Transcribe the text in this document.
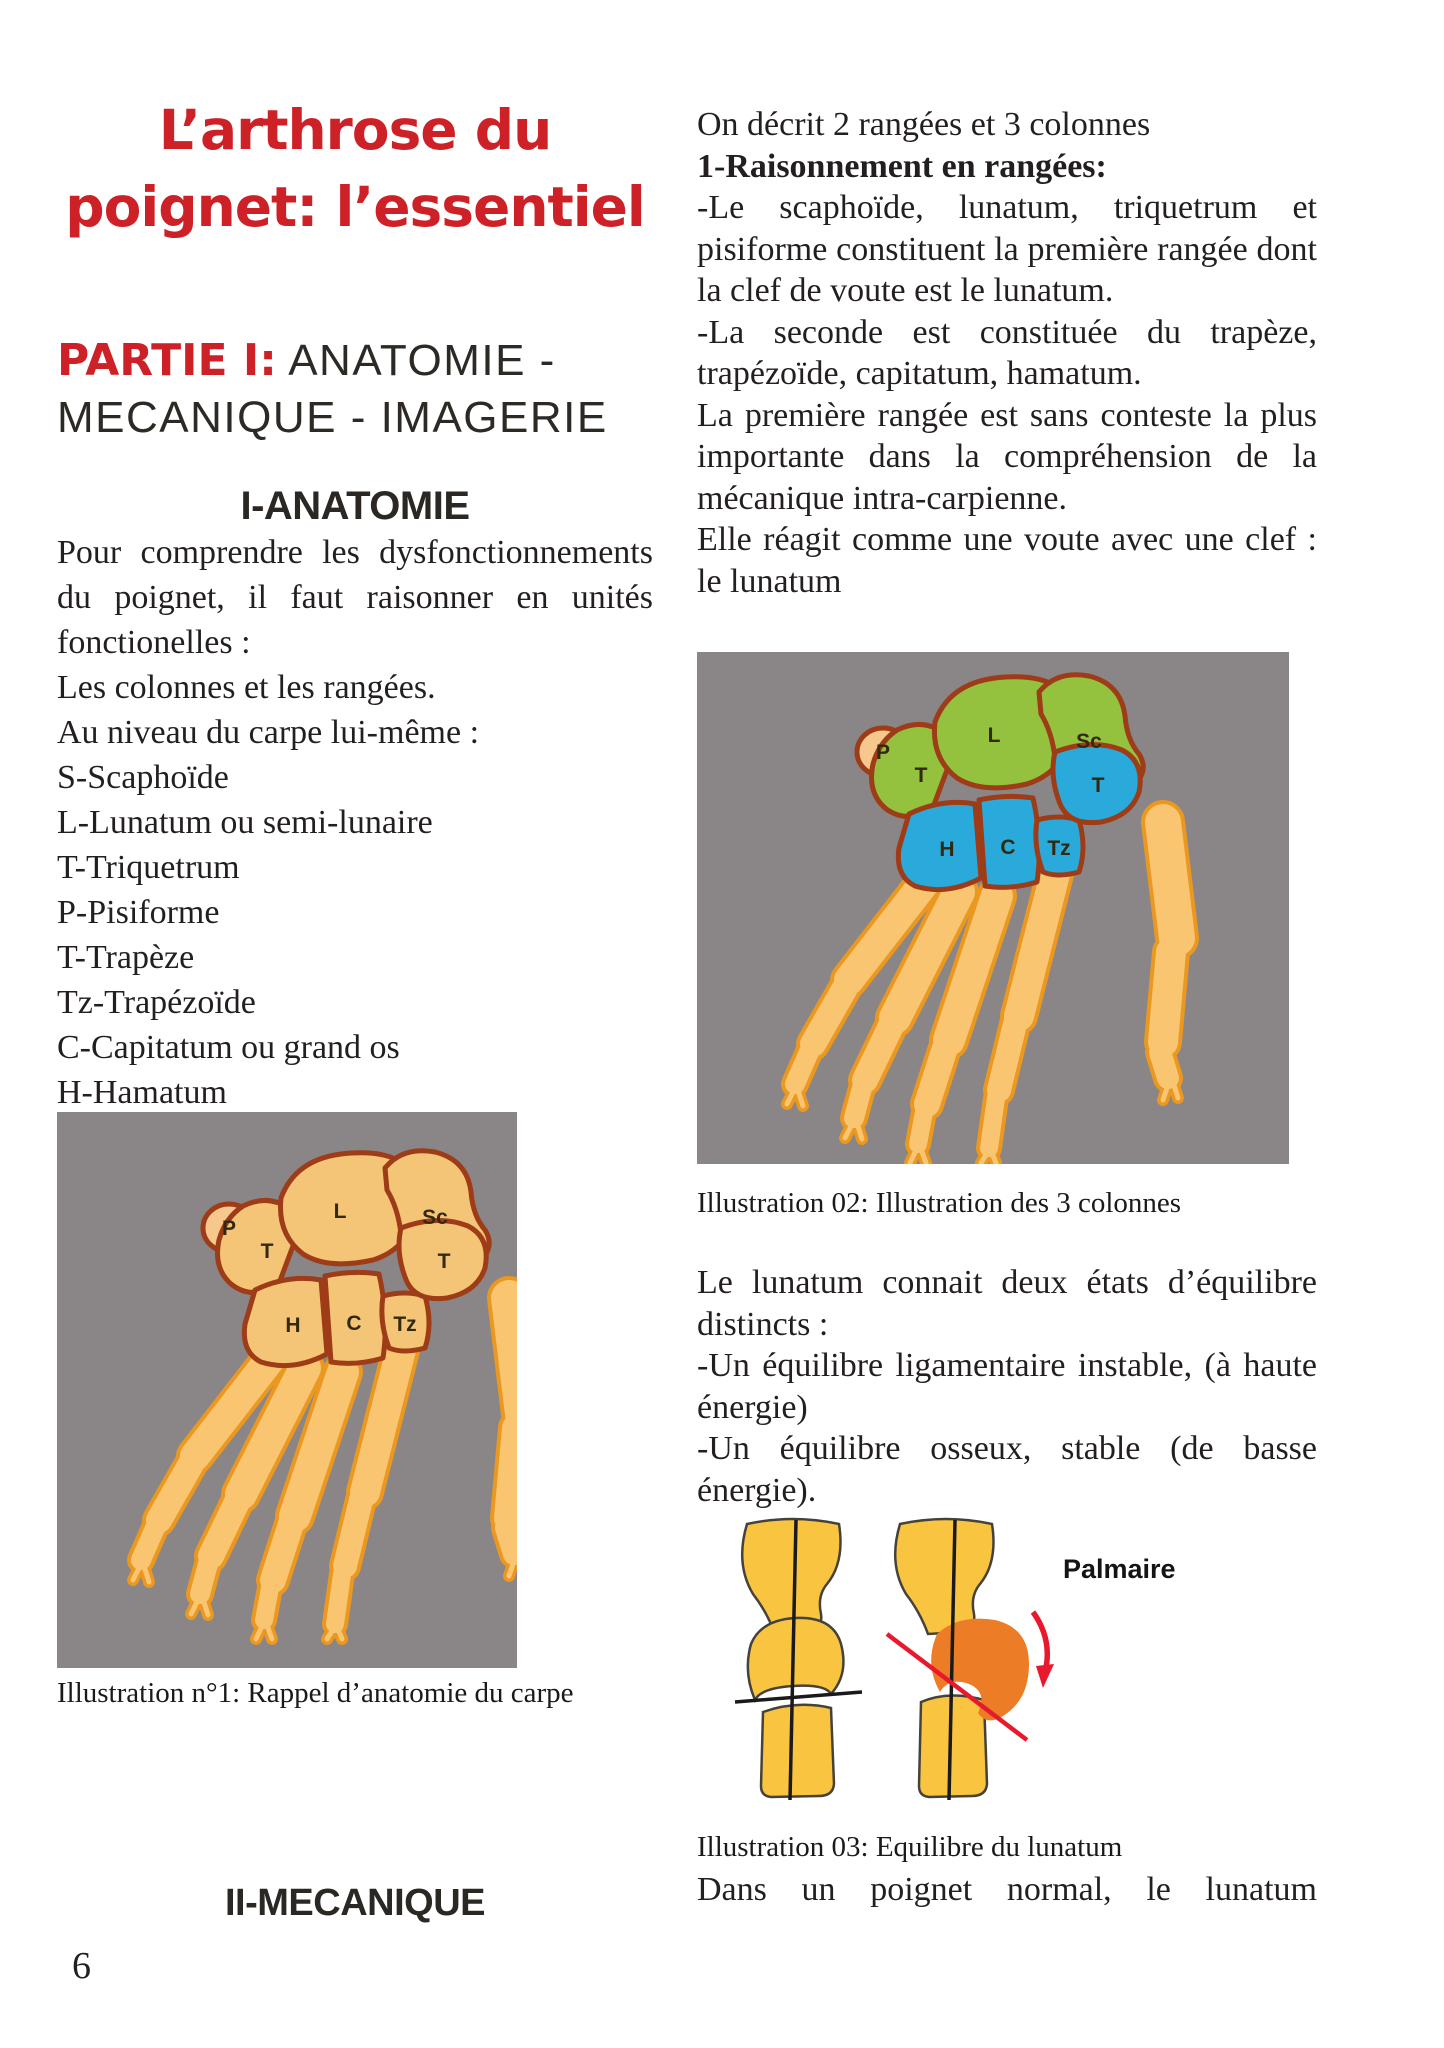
L’arthrose du
poignet: l’essentiel
PARTIE I: ANATOMIE - MECANIQUE - IMAGERIE
I-ANATOMIE
Pour comprendre les dysfonctionnements du poignet, il faut raisonner en unités fonctionelles :
Les colonnes et les rangées.
Au niveau du carpe lui-même :
S-Scaphoïde
L-Lunatum ou semi-lunaire
T-Triquetrum
P-Pisiforme
T-Trapèze
Tz-Trapézoïde
C-Capitatum ou grand os
H-Hamatum
P
T
L	Sc
H C Tz
T
Illustration n°1: Rappel d’anatomie du carpe
II-MECANIQUE
6

On décrit 2 rangées et 3 colonnes

1-Raisonnement en rangées:

-Le scaphoïde, lunatum, triquetrum et pisiforme constituent la première rangée dont la clef de voute est le lunatum.

-La seconde est constituée du trapèze, trapézoïde, capitatum, hamatum.

La première rangée est sans conteste la plus importante dans la compréhension de la mécanique intra-carpienne.

Elle réagit comme une voute avec une clef : le lunatum

P
T
L	Sc
H C Tz
T
Illustration 02: Illustration des 3 colonnes

Le lunatum connait deux états d’équilibre distincts :

-Un équilibre ligamentaire instable, (à haute énergie)

-Un équilibre osseux, stable (de basse énergie).

Palmaire
Illustration 03: Equilibre du lunatum
Dans un poignet normal, le lunatum
